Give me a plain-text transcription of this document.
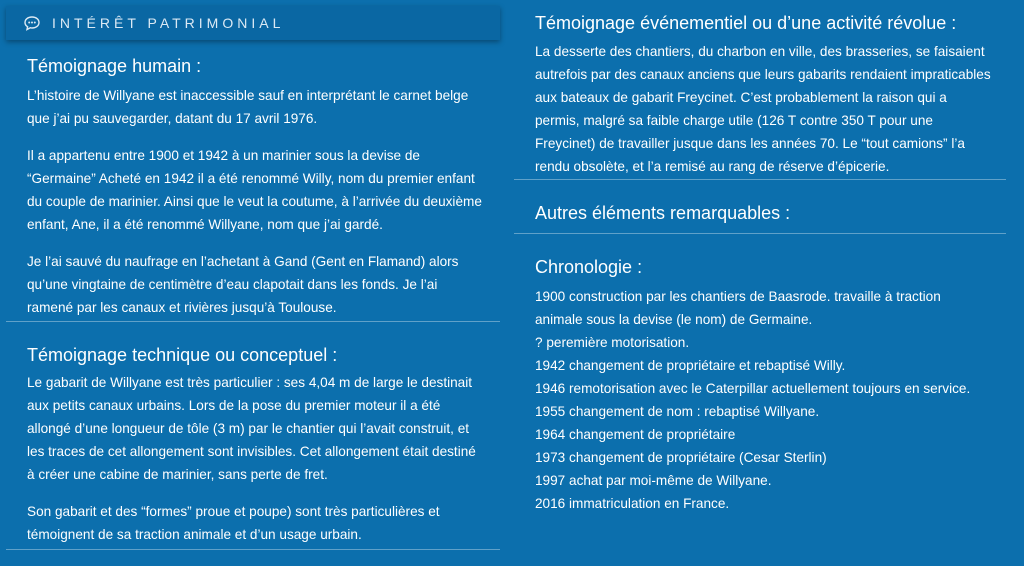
INTÉRÊT PATRIMONIAL
Témoignage humain :

L’histoire de Willyane est inaccessible sauf en interprétant le carnet belge que j’ai pu sauvegarder, datant du 17 avril 1976.

Il a appartenu entre 1900 et 1942 à un marinier sous la devise de “Germaine” Acheté en 1942 il a été renommé Willy, nom du premier enfant du couple de marinier. Ainsi que le veut la coutume, à l’arrivée du deuxième enfant, Ane, il a été renommé Willyane, nom que j’ai gardé.

Je l’ai sauvé du naufrage en l’achetant à Gand (Gent en Flamand) alors qu’une vingtaine de centimètre d’eau clapotait dans les fonds. Je l’ai ramené par les canaux et rivières jusqu’à Toulouse.

Témoignage technique ou conceptuel :

Le gabarit de Willyane est très particulier : ses 4,04 m de large le destinait aux petits canaux urbains. Lors de la pose du premier moteur il a été allongé d’une longueur de tôle (3 m) par le chantier qui l’avait construit, et les traces de cet allongement sont invisibles. Cet allongement était destiné à créer une cabine de marinier, sans perte de fret.

Son gabarit et des “formes” proue et poupe) sont très particulières et témoignent de sa traction animale et d’un usage urbain.

Témoignage événementiel ou d’une activité révolue :

La desserte des chantiers, du charbon en ville, des brasseries, se faisaient autrefois par des canaux anciens que leurs gabarits rendaient impraticables aux bateaux de gabarit Freycinet. C’est probablement la raison qui a permis, malgré sa faible charge utile (126 T contre 350 T pour une Freycinet) de travailler jusque dans les années 70. Le “tout camions” l’a rendu obsolète, et l’a remisé au rang de réserve d’épicerie.

Autres éléments remarquables :
Chronologie :
1900 construction par les chantiers de Baasrode. travaille à traction animale sous la devise (le nom) de Germaine.
? peremière motorisation.
1942 changement de propriétaire et rebaptisé Willy.
1946 remotorisation avec le Caterpillar actuellement toujours en service.
1955 changement de nom : rebaptisé Willyane.
1964 changement de propriétaire
1973 changement de propriétaire (Cesar Sterlin)
1997 achat par moi-même de Willyane.
2016 immatriculation en France.
